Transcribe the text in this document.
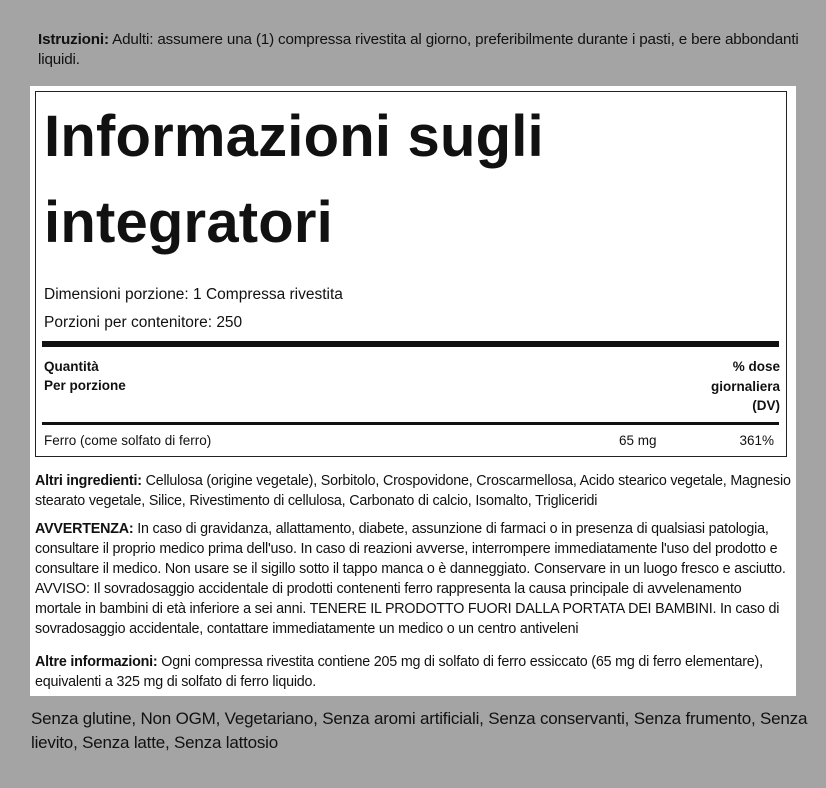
Istruzioni: Adulti: assumere una (1) compressa rivestita al giorno, preferibilmente durante i pasti, e bere abbondanti liquidi.
Informazioni sugli integratori
Dimensioni porzione: 1 Compressa rivestita
Porzioni per contenitore: 250
Quantità
Per porzione
% dose
giornaliera
(DV)
Ferro (come solfato di ferro)	65 mg	361%
Altri ingredienti: Cellulosa (origine vegetale), Sorbitolo, Crospovidone, Croscarmellosa, Acido stearico vegetale, Magnesio stearato vegetale, Silice, Rivestimento di cellulosa, Carbonato di calcio, Isomalto, Trigliceridi
AVVERTENZA: In caso di gravidanza, allattamento, diabete, assunzione di farmaci o in presenza di qualsiasi patologia, consultare il proprio medico prima dell'uso. In caso di reazioni avverse, interrompere immediatamente l'uso del prodotto e consultare il medico. Non usare se il sigillo sotto il tappo manca o è danneggiato. Conservare in un luogo fresco e asciutto. AVVISO: Il sovradosaggio accidentale di prodotti contenenti ferro rappresenta la causa principale di avvelenamento mortale in bambini di età inferiore a sei anni. TENERE IL PRODOTTO FUORI DALLA PORTATA DEI BAMBINI. In caso di sovradosaggio accidentale, contattare immediatamente un medico o un centro antiveleni
Altre informazioni: Ogni compressa rivestita contiene 205 mg di solfato di ferro essiccato (65 mg di ferro elementare), equivalenti a 325 mg di solfato di ferro liquido.
Senza glutine, Non OGM, Vegetariano, Senza aromi artificiali, Senza conservanti, Senza frumento, Senza lievito, Senza latte, Senza lattosio
